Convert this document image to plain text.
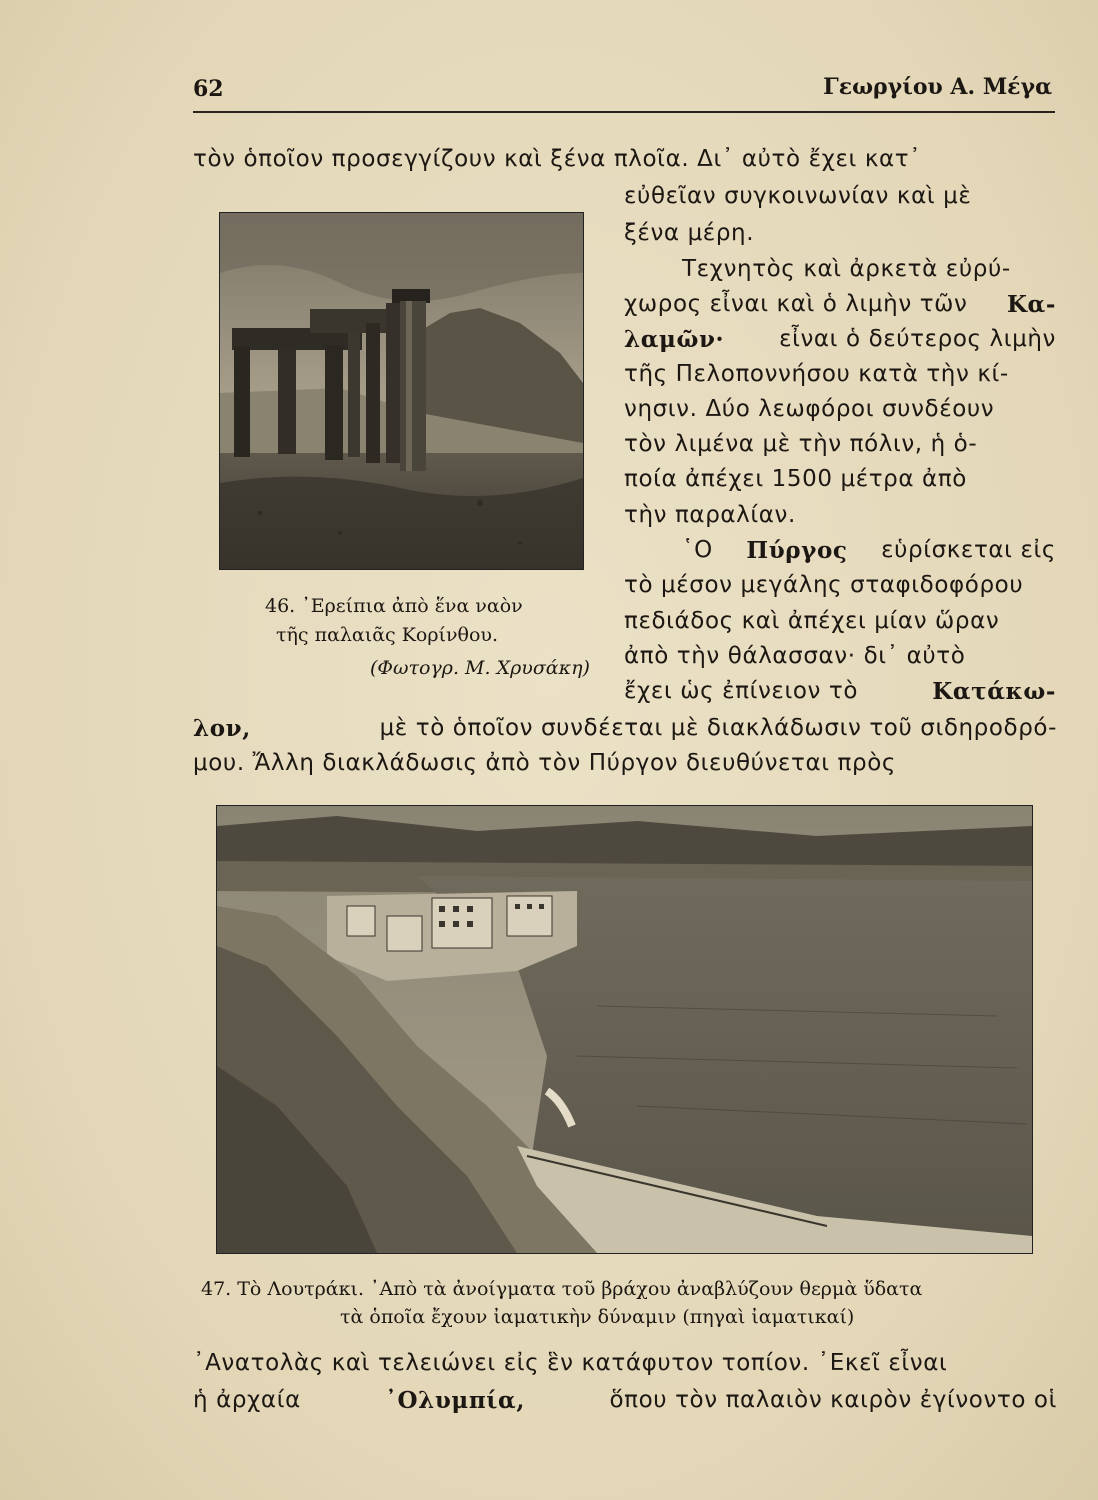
62	Γεωργίου Α. Μέγα
τὸν ὁποῖον προσεγγίζουν καὶ ξένα πλοῖα. Δι᾽ αὐτὸ ἔχει κατ᾽
εὐθεῖαν συγκοινωνίαν καὶ μὲ
ξένα μέρη.
Τεχνητὸς καὶ ἀρκετὰ εὐρύ-
χωρος εἶναι καὶ ὁ λιμὴν τῶν Κα-
λαμῶν· εἶναι ὁ δεύτερος λιμὴν
τῆς Πελοποννήσου κατὰ τὴν κί-
νησιν. Δύο λεωφόροι συνδέουν
τὸν λιμένα μὲ τὴν πόλιν, ἡ ὁ-
ποία ἀπέχει 1500 μέτρα ἀπὸ
τὴν παραλίαν.
῾Ο Πύργος εὑρίσκεται εἰς
τὸ μέσον μεγάλης σταφιδοφόρου
πεδιάδος καὶ ἀπέχει μίαν ὥραν
ἀπὸ τὴν θάλασσαν· δι᾽ αὐτὸ
ἔχει ὡς ἐπίνειον τὸ	Κατάκω-
λον,	μὲ τὸ ὁποῖον συνδέεται μὲ διακλάδωσιν τοῦ σιδηροδρό-
μου. Ἄλλη διακλάδωσις ἀπὸ τὸν Πύργον διευθύνεται πρὸς
46. ᾽Ερείπια ἀπὸ ἕνα ναὸν
τῆς παλαιᾶς Κορίνθου.
(Φωτογρ. Μ. Χρυσάκη)
47. Τὸ Λουτράκι. ᾽Απὸ τὰ ἀνοίγματα τοῦ βράχου ἀναβλύζουν θερμὰ ὕδατα
τὰ ὁποῖα ἔχουν ἰαματικὴν δύναμιν (πηγαὶ ἰαματικαί)
᾽Ανατολὰς καὶ τελειώνει εἰς ἓν κατάφυτον τοπίον. ᾽Εκεῖ εἶναι
ἡ ἀρχαία	᾽Ολυμπία,	ὅπου τὸν παλαιὸν καιρὸν ἐγίνοντο οἱ
